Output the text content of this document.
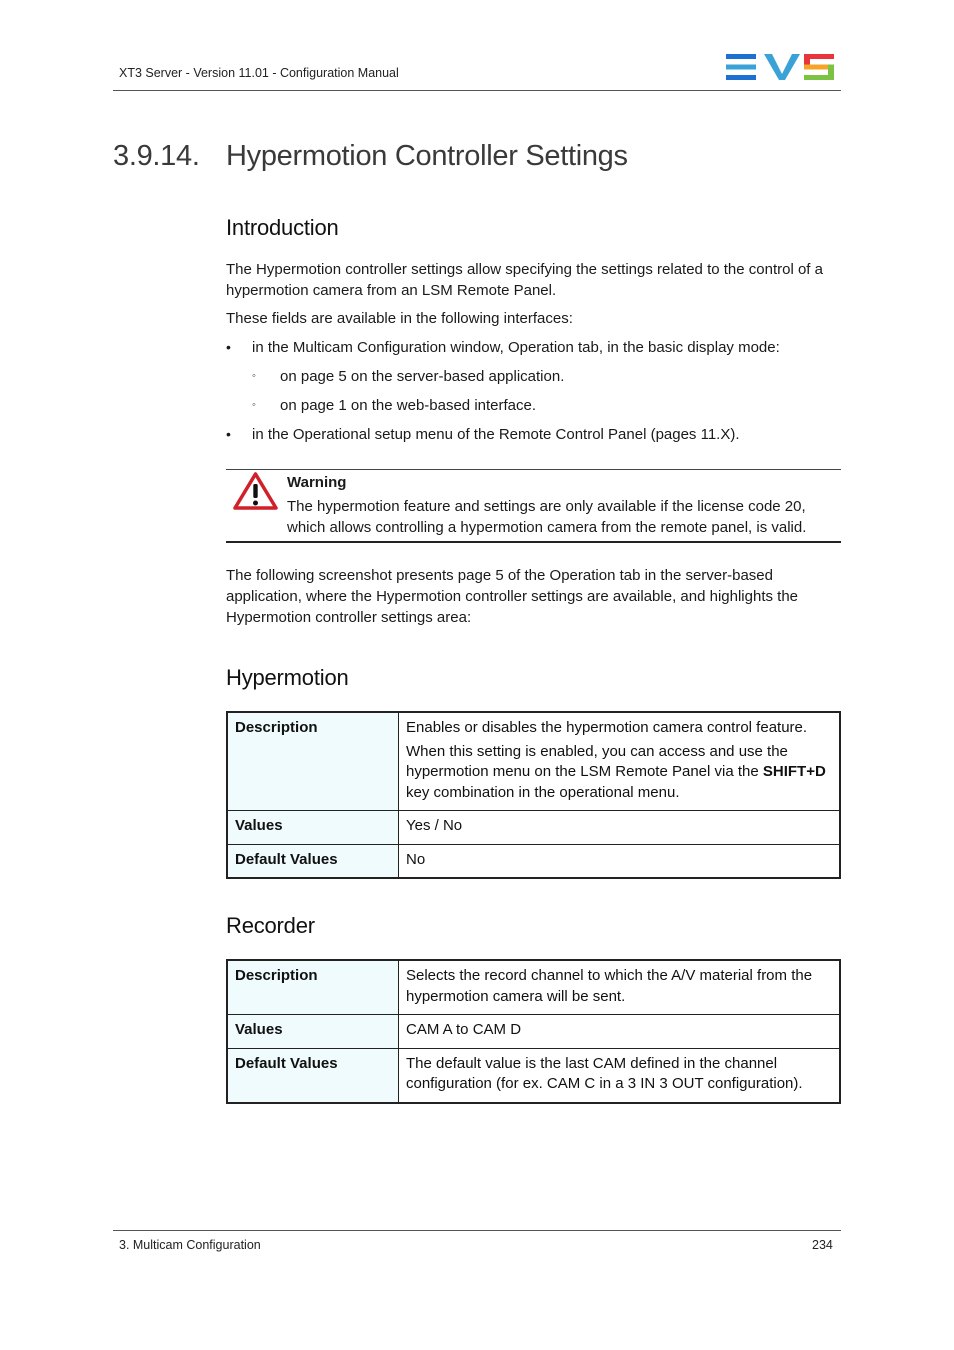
XT3 Server - Version 11.01 - Configuration Manual
3.9.14. Hypermotion Controller Settings
Introduction
The Hypermotion controller settings allow specifying the settings related to the control of a hypermotion camera from an LSM Remote Panel.
These fields are available in the following interfaces:
•	in the Multicam Configuration window, Operation tab, in the basic display mode:
◦	on page 5 on the server-based application.
◦	on page 1 on the web-based interface.
•	in the Operational setup menu of the Remote Control Panel (pages 11.X).
Warning
The hypermotion feature and settings are only available if the license code 20,
which allows controlling a hypermotion camera from the remote panel, is valid.
The following screenshot presents page 5 of the Operation tab in the server-based application, where the Hypermotion controller settings are available, and highlights the Hypermotion controller settings area:
Hypermotion
Description	Enables or disables the hypermotion camera control feature.

When this setting is enabled, you can access and use the hypermotion menu on the LSM Remote Panel via the SHIFT+D key combination in the operational menu.

Values	Yes / No
Default Values	No
Recorder
Description	Selects the record channel to which the A/V material from the hypermotion camera will be sent.
Values	CAM A to CAM D
Default Values	The default value is the last CAM defined in the channel configuration (for ex. CAM C in a 3 IN 3 OUT configuration).
3. Multicam Configuration	234
